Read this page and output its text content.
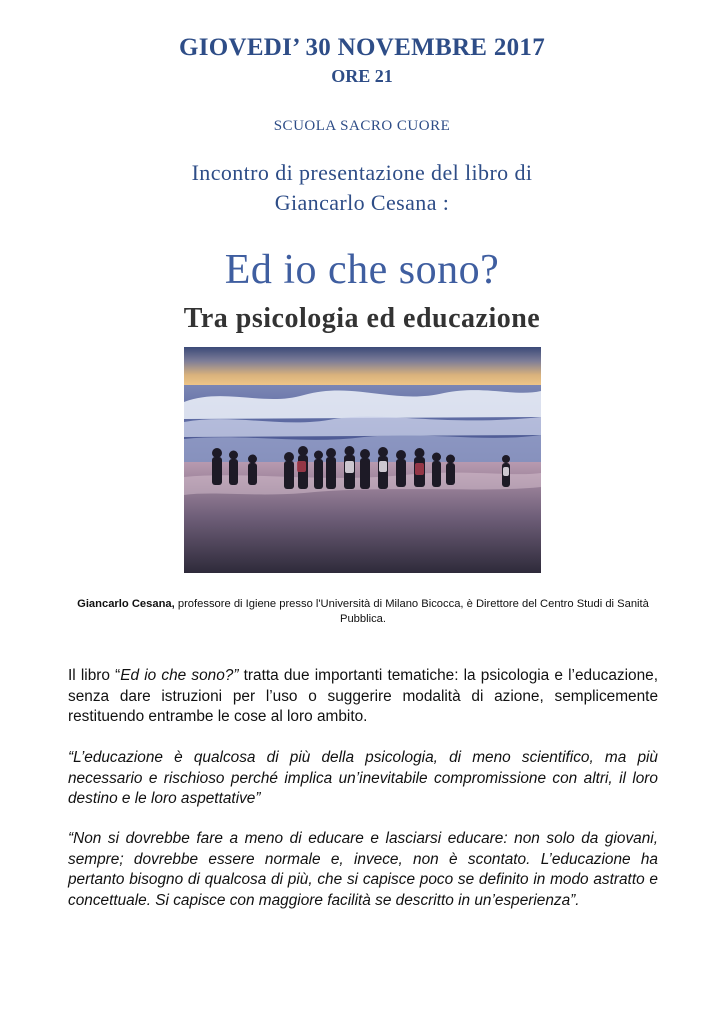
GIOVEDI’ 30 NOVEMBRE 2017
ORE 21
SCUOLA SACRO CUORE
Incontro di presentazione del libro di
Giancarlo Cesana :
Ed io che sono?
Tra psicologia ed educazione
Giancarlo Cesana, professore di Igiene presso l'Università di Milano Bicocca, è Direttore del Centro Studi di Sanità Pubblica.
Il libro “Ed io che sono?” tratta due importanti tematiche: la psicologia e l’educazione, senza dare istruzioni per l’uso o suggerire modalità di azione, semplicemente restituendo entrambe le cose al loro ambito.
“L’educazione è qualcosa di più della psicologia, di meno scientifico, ma più necessario e rischioso perché implica un’inevitabile compromissione con altri, il loro destino e le loro aspettative”
“Non si dovrebbe fare a meno di educare e lasciarsi educare: non solo da giovani, sempre; dovrebbe essere normale e, invece, non è scontato. L’educazione ha pertanto bisogno di qualcosa di più, che si capisce poco se definito in modo astratto e concettuale. Si capisce con maggiore facilità se descritto in un’esperienza”.
